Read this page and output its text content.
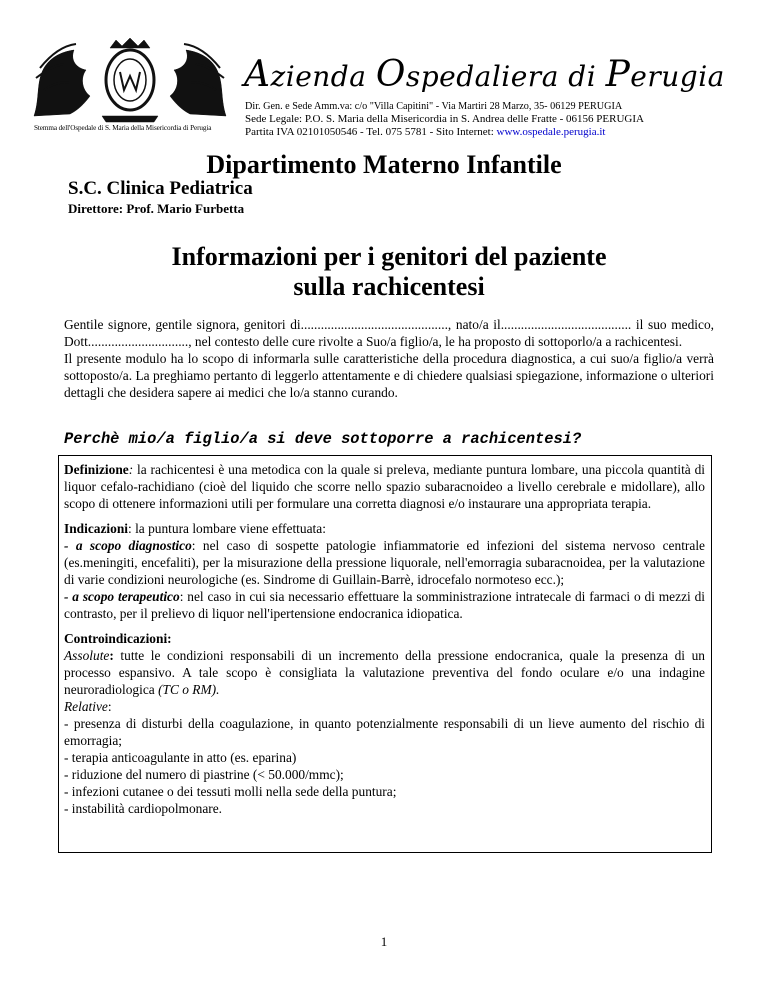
Stemma dell'Ospedale di S. Maria della Misericordia di Perugia
Azienda Ospedaliera di Perugia
Dir. Gen. e Sede Amm.va: c/o "Villa Capitini" - Via Martiri 28 Marzo, 35- 06129 PERUGIA
Sede Legale: P.O. S. Maria della Misericordia in S. Andrea delle Fratte - 06156 PERUGIA
Partita IVA 02101050546 - Tel. 075 5781 - Sito Internet: www.ospedale.perugia.it
Dipartimento Materno Infantile
S.C. Clinica Pediatrica
Direttore: Prof. Mario Furbetta
Informazioni per i genitori del paziente
sulla rachicentesi

Gentile signore, gentile signora, genitori di............................................, nato/a il....................................... il suo medico, Dott.............................., nel contesto delle cure rivolte a Suo/a figlio/a, le ha proposto di sottoporlo/a a rachicentesi.

Il presente modulo ha lo scopo di informarla sulle caratteristiche della procedura diagnostica, a cui suo/a figlio/a verrà sottoposto/a. La preghiamo pertanto di leggerlo attentamente e di chiedere qualsiasi spiegazione, informazione o ulteriori dettagli che desidera sapere ai medici che lo/a stanno curando.

Perchè mio/a figlio/a si deve sottoporre a rachicentesi?

Definizione: la rachicentesi è una metodica con la quale si preleva, mediante puntura lombare, una piccola quantità di liquor cefalo-rachidiano (cioè del liquido che scorre nello spazio subaracnoideo a livello cerebrale e midollare), allo scopo di ottenere informazioni utili per formulare una corretta diagnosi e/o instaurare una appropriata terapia.

Indicazioni: la puntura lombare viene effettuata:
- a scopo diagnostico: nel caso di sospette patologie infiammatorie ed infezioni del sistema nervoso centrale (es.meningiti, encefaliti), per la misurazione della pressione liquorale, nell'emorragia subaracnoidea, per la valutazione di varie condizioni neurologiche (es. Sindrome di Guillain-Barrè, idrocefalo normoteso ecc.);
- a scopo terapeutico: nel caso in cui sia necessario effettuare la somministrazione intratecale di farmaci o di mezzi di contrasto, per il prelievo di liquor nell'ipertensione endocranica idiopatica.

Controindicazioni:
Assolute: tutte le condizioni responsabili di un incremento della pressione endocranica, quale la presenza di un processo espansivo. A tale scopo è consigliata la valutazione preventiva del fondo oculare e/o una indagine neuroradiologica (TC o RM).
Relative:
- presenza di disturbi della coagulazione, in quanto potenzialmente responsabili di un lieve aumento del rischio di emorragia;
- terapia anticoagulante in atto (es. eparina)
- riduzione del numero di piastrine (< 50.000/mmc);
- infezioni cutanee o dei tessuti molli nella sede della puntura;
- instabilità cardiopolmonare.

1
